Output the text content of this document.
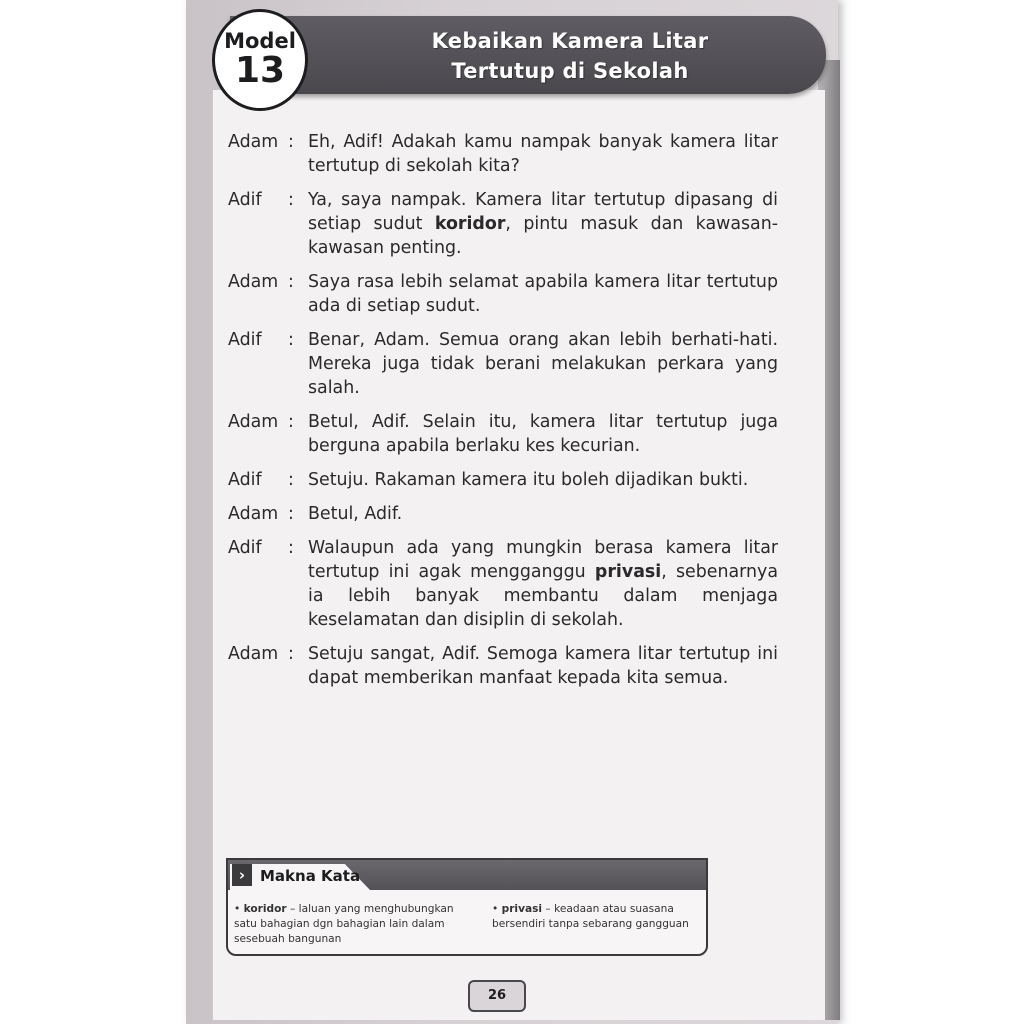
Kebaikan Kamera Litar
Tertutup di Sekolah
Model
13
Adam : Eh, Adif! Adakah kamu nampak banyak kamera litar tertutup di sekolah kita?
Adif	: Ya, saya nampak. Kamera litar tertutup dipasang di setiap sudut koridor, pintu masuk dan kawasan-kawasan penting.
Adam : Saya rasa lebih selamat apabila kamera litar tertutup ada di setiap sudut.
Adif	: Benar, Adam. Semua orang akan lebih berhati-hati. Mereka juga tidak berani melakukan perkara yang salah.
Adam : Betul, Adif. Selain itu, kamera litar tertutup juga berguna apabila berlaku kes kecurian.
Adif	: Setuju. Rakaman kamera itu boleh dijadikan bukti.
Adam : Betul, Adif.
Adif	: Walaupun ada yang mungkin berasa kamera litar tertutup ini agak mengganggu privasi, sebenarnya ia lebih banyak membantu dalam menjaga keselamatan dan disiplin di sekolah.
Adam : Setuju sangat, Adif. Semoga kamera litar tertutup ini dapat memberikan manfaat kepada kita semua.
› Makna Kata
• koridor – laluan yang menghubungkan satu bahagian dgn bahagian lain dalam sesebuah bangunan
• privasi – keadaan atau suasana bersendiri tanpa sebarang gangguan
26
